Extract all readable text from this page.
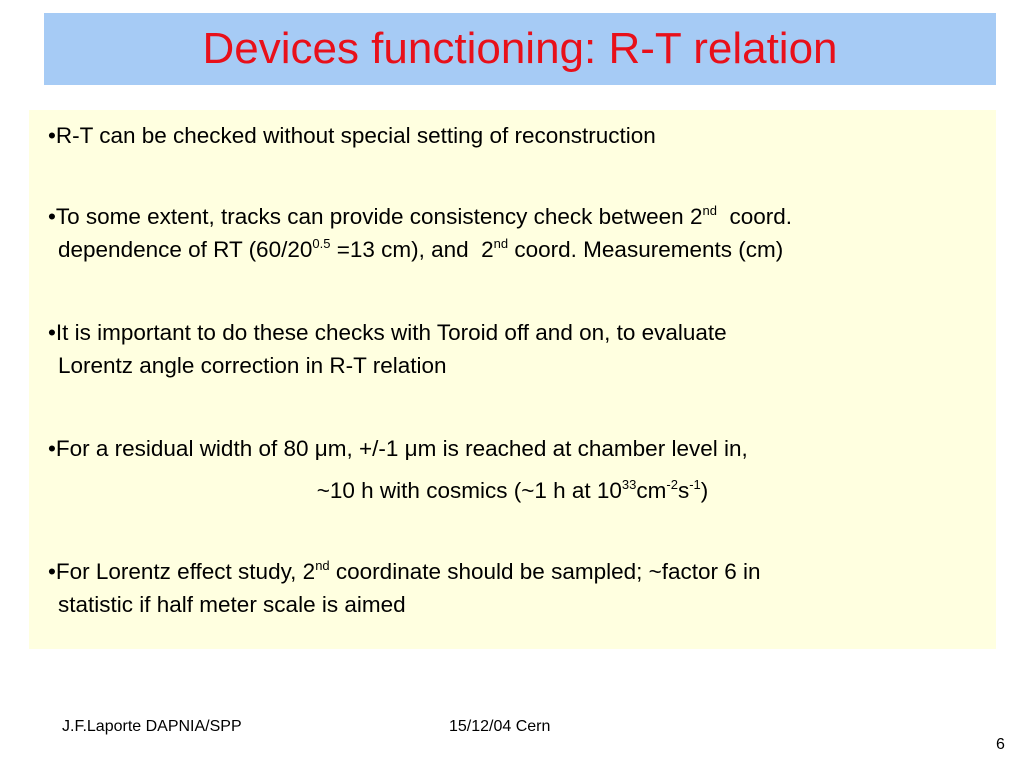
Devices functioning: R-T relation
•R-T can be checked without special setting of reconstruction
•To some extent, tracks can provide consistency check between 2nd  coord.
dependence of RT ($60/20^{0.5} =13$ cm), and  2nd coord. Measurements (cm)
•It is important to do these checks with Toroid off and on, to evaluate
Lorentz angle correction in R-T relation
•For a residual width of 80 μm, +/-1 μm is reached at chamber level in,
~10 h with cosmics (~1 h at $10^{33}cm^{-2}s^{-1}$)
•For Lorentz effect study, 2nd coordinate should be sampled; ~factor 6 in
statistic if half meter scale is aimed
J.F.Laporte DAPNIA/SPP	15/12/04 Cern
6
